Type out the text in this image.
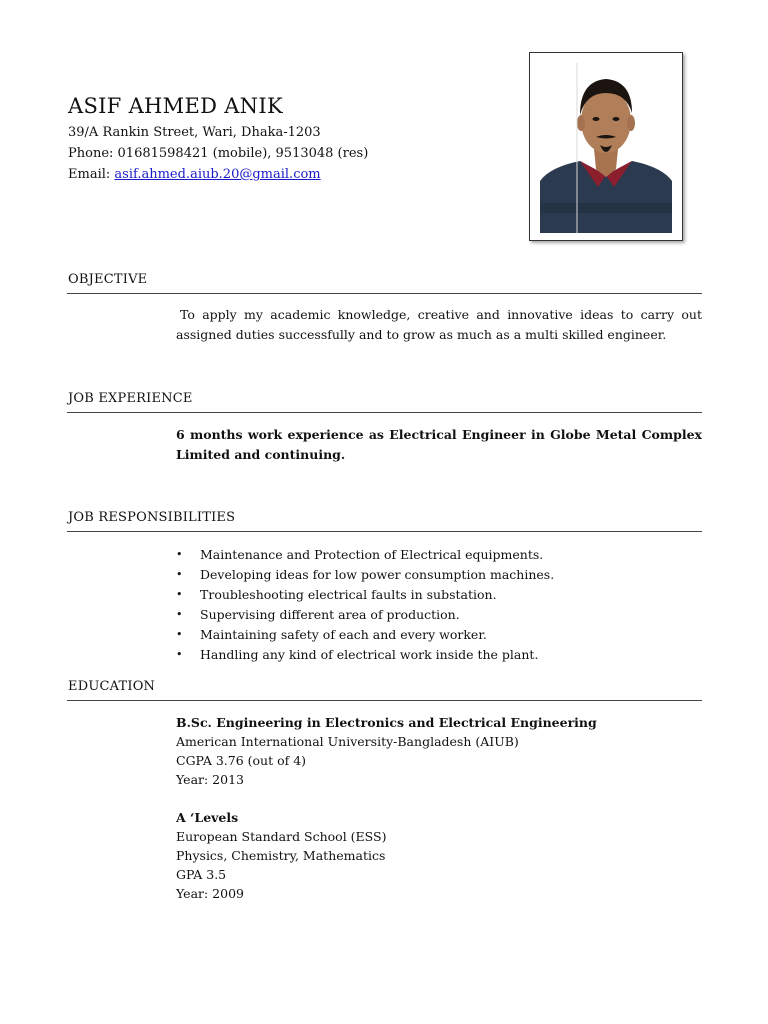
ASIF AHMED ANIK
39/A Rankin Street, Wari, Dhaka-1203
Phone: 01681598421 (mobile), 9513048 (res)
Email: asif.ahmed.aiub.20@gmail.com
OBJECTIVE
To apply my academic knowledge, creative and innovative ideas to carry out assigned duties successfully and to grow as much as a multi skilled engineer.
JOB EXPERIENCE
6 months work experience as Electrical Engineer in Globe Metal Complex Limited and continuing.
JOB RESPONSIBILITIES
• Maintenance and Protection of Electrical equipments.
• Developing ideas for low power consumption machines.
• Troubleshooting electrical faults in substation.
• Supervising different area of production.
• Maintaining safety of each and every worker.
• Handling any kind of electrical work inside the plant.
EDUCATION
B.Sc. Engineering in Electronics and Electrical Engineering
American International University-Bangladesh (AIUB)
CGPA 3.76 (out of 4)
Year: 2013
A ‘Levels
European Standard School (ESS)
Physics, Chemistry, Mathematics
GPA 3.5
Year: 2009
